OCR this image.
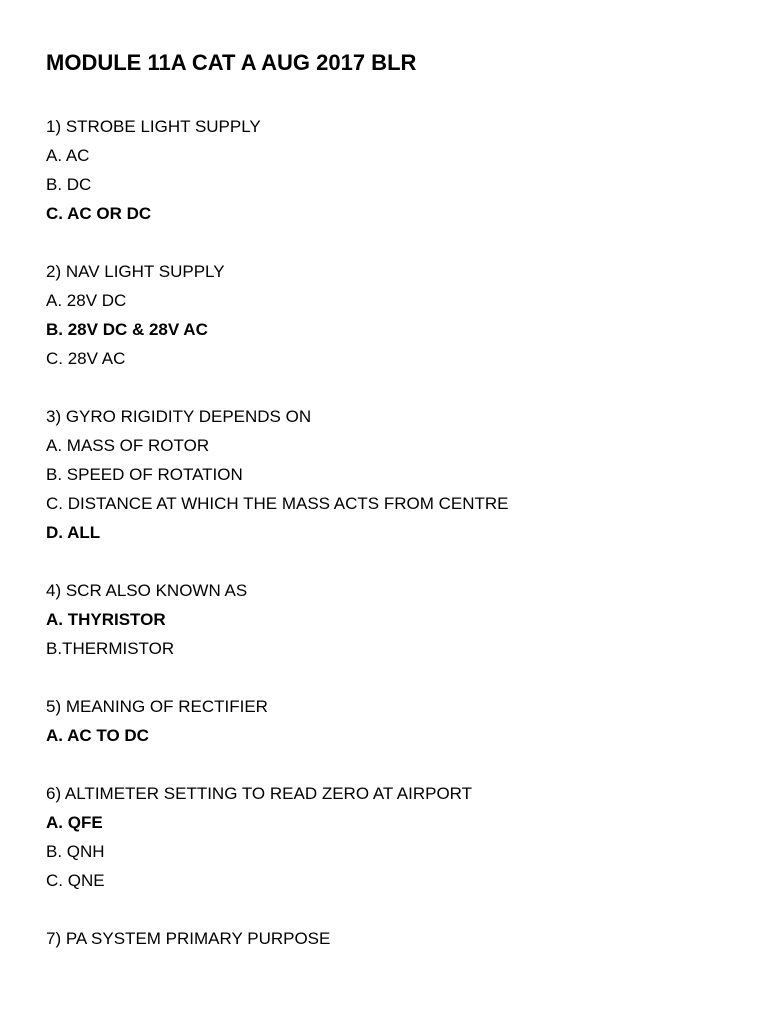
MODULE 11A CAT A AUG 2017 BLR
1) STROBE LIGHT SUPPLY
A. AC
B. DC
C. AC OR DC
2) NAV LIGHT SUPPLY
A. 28V DC
B. 28V DC & 28V AC
C. 28V AC
3) GYRO RIGIDITY DEPENDS ON
A. MASS OF ROTOR
B. SPEED OF ROTATION
C. DISTANCE AT WHICH THE MASS ACTS FROM CENTRE
D. ALL
4) SCR ALSO KNOWN AS
A. THYRISTOR
B.THERMISTOR
5) MEANING OF RECTIFIER
A. AC TO DC
6) ALTIMETER SETTING TO READ ZERO AT AIRPORT
A. QFE
B. QNH
C. QNE
7) PA SYSTEM PRIMARY PURPOSE
